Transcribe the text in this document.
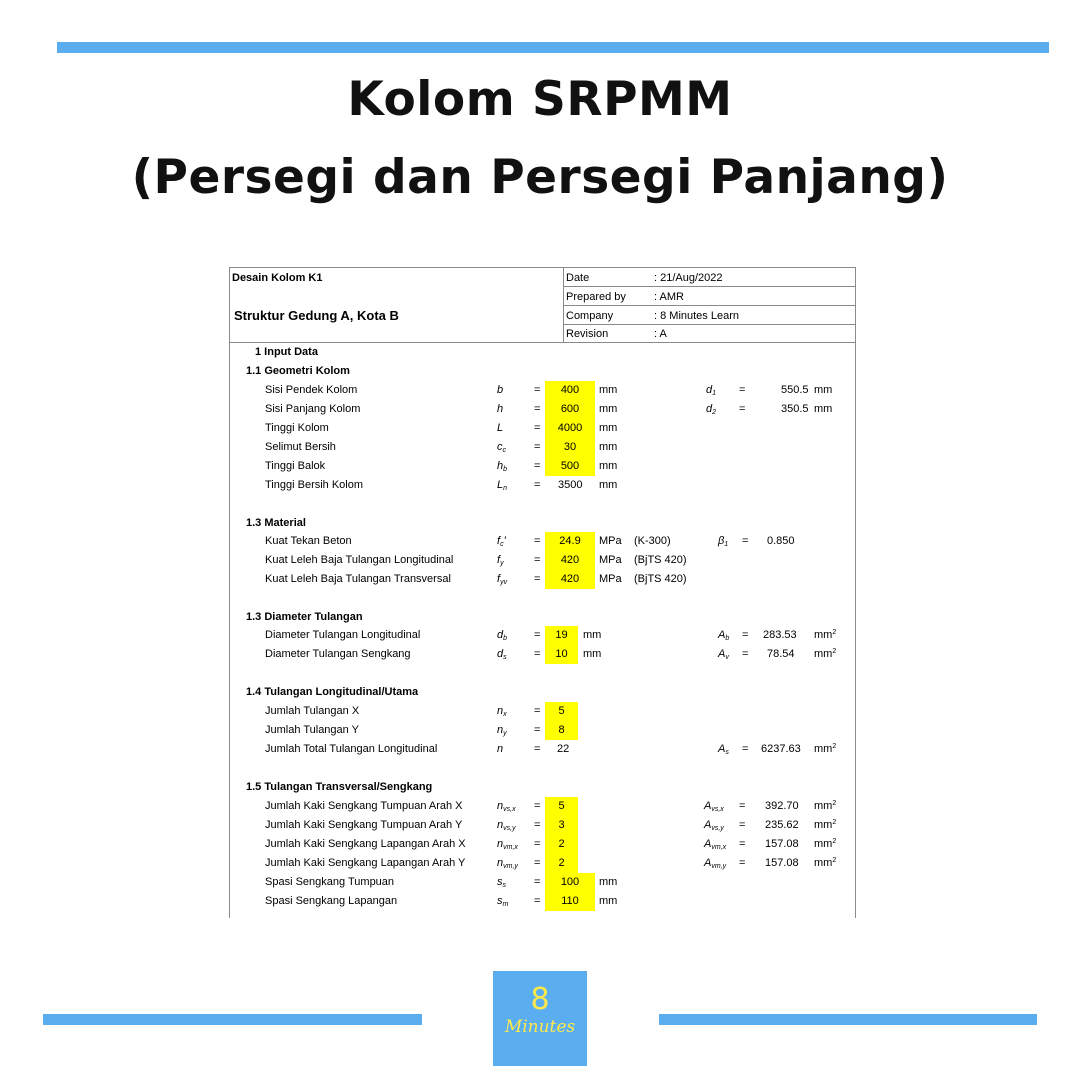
Kolom SRPMM
(Persegi dan Persegi Panjang)
Desain Kolom K1
Struktur Gedung A, Kota B
Date	: 21/Aug/2022
Prepared by	: AMR
Company	: 8 Minutes Learn
Revision	: A
1 Input Data
1.1 Geometri Kolom
Sisi Pendek Kolom	b	=	400	mm	$d_1$ =	550.5 mm
Sisi Panjang Kolom	h	=	600	mm	$d_2$ =	350.5 mm
Tinggi Kolom	L	=	4000	mm
Selimut Bersih	$c_c$	=	30	mm
Tinggi Balok	$h_b$ =	500	mm
Tinggi Bersih Kolom	$L_n = 3500$ mm
1.3 Material
Kuat Tekan Beton	$f_c'$	=	24.9	MPa (K-300)	$\beta_1 = 0.850$
Kuat Leleh Baja Tulangan Longitudinal	$f_y$	=	420	MPa (BjTS 420)
Kuat Leleh Baja Tulangan Transversal	$f_{yv}$ =	420	MPa (BjTS 420)
1.3 Diameter Tulangan
Diameter Tulangan Longitudinal	$d_b$ =	19	mm	$A_b = 283.53$ $mm^2$
Diameter Tulangan Sengkang	$d_s$ =	10	mm	$A_v = 78.54$ $mm^2$
1.4 Tulangan Longitudinal/Utama
Jumlah Tulangan X	$n_x$ =	5
Jumlah Tulangan Y	$n_y$ =	8
Jumlah Total Tulangan Longitudinal	n	= 22	$A_s = 6237.63$ $mm^2$
1.5 Tulangan Transversal/Sengkang
Jumlah Kaki Sengkang Tumpuan Arah X	$n_{vs,x}$ =	5	$A_{vs,x} = 392.70$ $mm^2$
Jumlah Kaki Sengkang Tumpuan Arah Y	$n_{vs,y}$ =	3	$A_{vs,y} = 235.62$ $mm^2$
Jumlah Kaki Sengkang Lapangan Arah X	$n_{vm,x}$ =	2	$A_{vm,x} = 157.08$ $mm^2$
Jumlah Kaki Sengkang Lapangan Arah Y	$n_{vm,y}$ =	2	$A_{vm,y} = 157.08$ $mm^2$
Spasi Sengkang Tumpuan	$s_s$	=	100	mm
Spasi Sengkang Lapangan	$s_m$ =	110	mm
8
Minutes
